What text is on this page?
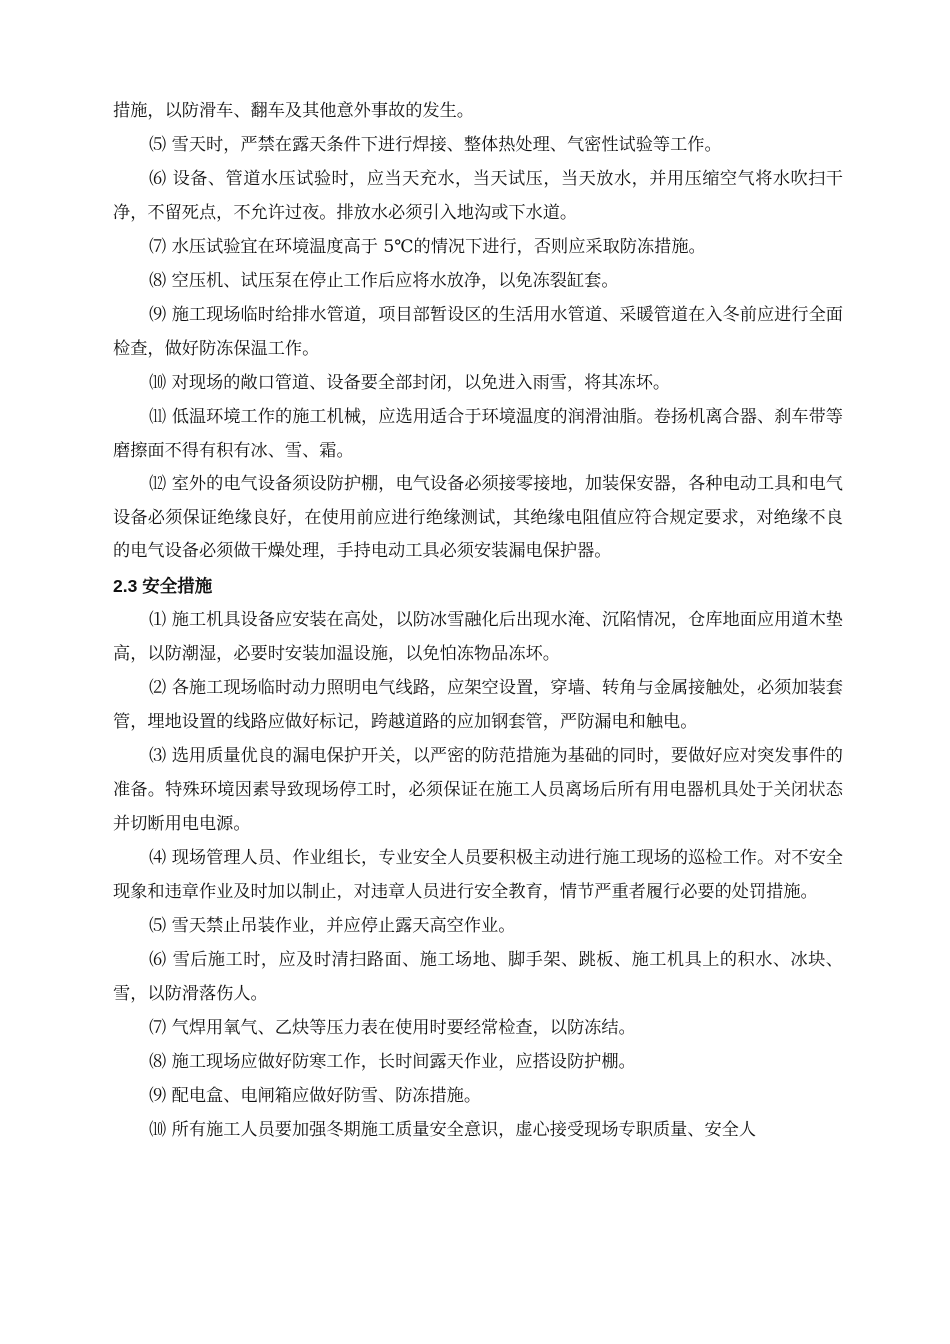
措施，以防滑车、翻车及其他意外事故的发生。

⑸ 雪天时，严禁在露天条件下进行焊接、整体热处理、气密性试验等工作。

⑹ 设备、管道水压试验时，应当天充水，当天试压，当天放水，并用压缩空气将水吹扫干净，不留死点，不允许过夜。排放水必须引入地沟或下水道。

⑺ 水压试验宜在环境温度高于 5℃的情况下进行，否则应采取防冻措施。

⑻ 空压机、试压泵在停止工作后应将水放净，以免冻裂缸套。

⑼ 施工现场临时给排水管道，项目部暂设区的生活用水管道、采暖管道在入冬前应进行全面检查，做好防冻保温工作。

⑽ 对现场的敞口管道、设备要全部封闭，以免进入雨雪，将其冻坏。

⑾ 低温环境工作的施工机械，应选用适合于环境温度的润滑油脂。卷扬机离合器、刹车带等磨擦面不得有积有冰、雪、霜。

⑿ 室外的电气设备须设防护棚，电气设备必须接零接地，加装保安器，各种电动工具和电气设备必须保证绝缘良好，在使用前应进行绝缘测试，其绝缘电阻值应符合规定要求，对绝缘不良的电气设备必须做干燥处理，手持电动工具必须安装漏电保护器。

2.3 安全措施

⑴ 施工机具设备应安装在高处，以防冰雪融化后出现水淹、沉陷情况，仓库地面应用道木垫高，以防潮湿，必要时安装加温设施，以免怕冻物品冻坏。

⑵ 各施工现场临时动力照明电气线路，应架空设置，穿墙、转角与金属接触处，必须加装套管，埋地设置的线路应做好标记，跨越道路的应加钢套管，严防漏电和触电。

⑶ 选用质量优良的漏电保护开关，以严密的防范措施为基础的同时，要做好应对突发事件的准备。特殊环境因素导致现场停工时，必须保证在施工人员离场后所有用电器机具处于关闭状态并切断用电电源。

⑷ 现场管理人员、作业组长，专业安全人员要积极主动进行施工现场的巡检工作。对不安全现象和违章作业及时加以制止，对违章人员进行安全教育，情节严重者履行必要的处罚措施。

⑸ 雪天禁止吊装作业，并应停止露天高空作业。

⑹ 雪后施工时，应及时清扫路面、施工场地、脚手架、跳板、施工机具上的积水、冰块、雪，以防滑落伤人。

⑺ 气焊用氧气、乙炔等压力表在使用时要经常检查，以防冻结。

⑻ 施工现场应做好防寒工作，长时间露天作业，应搭设防护棚。

⑼ 配电盒、电闸箱应做好防雪、防冻措施。

⑽ 所有施工人员要加强冬期施工质量安全意识，虚心接受现场专职质量、安全人
